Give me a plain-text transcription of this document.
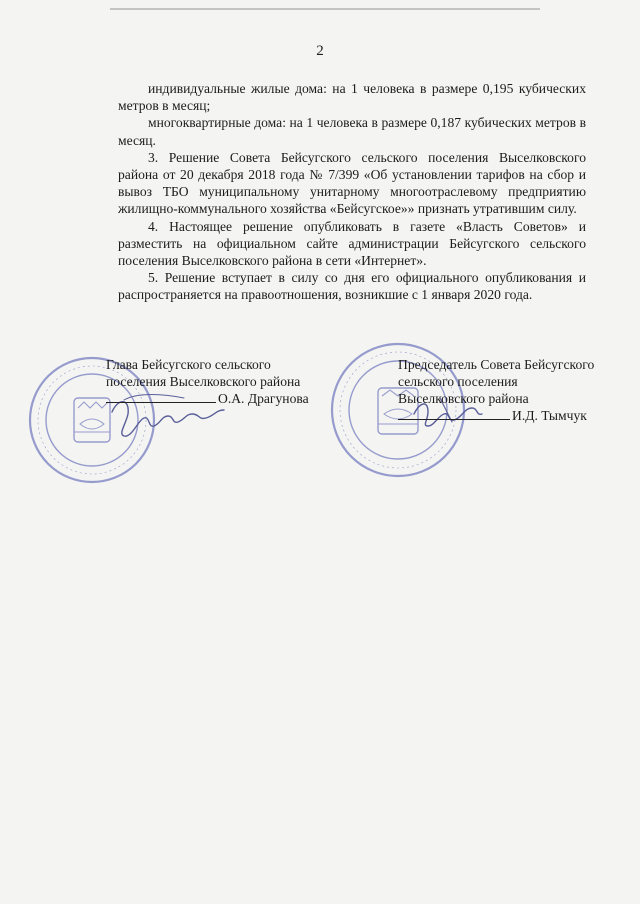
2

индивидуальные жилые дома: на 1 человека в размере 0,195 кубических метров в месяц;

многоквартирные дома: на 1 человека в размере 0,187 кубических метров в месяц.

3. Решение Совета Бейсугского сельского поселения Выселковского района от 20 декабря 2018 года № 7/399 «Об установлении тарифов на сбор и вывоз ТБО муниципальному унитарному многоотраслевому предприятию жилищно-коммунального хозяйства «Бейсугское»» признать утратившим силу.

4. Настоящее решение опубликовать в газете «Власть Советов» и разместить на официальном сайте администрации Бейсугского сельского поселения Выселковского района в сети «Интернет».

5. Решение вступает в силу со дня его официального опубликования и распространяется на правоотношения, возникшие с 1 января 2020 года.

Глава Бейсугского сельского
поселения Выселковского района
О.А. Драгунова
Председатель Совета Бейсугского
сельского поселения
Выселковского района
И.Д. Тымчук
